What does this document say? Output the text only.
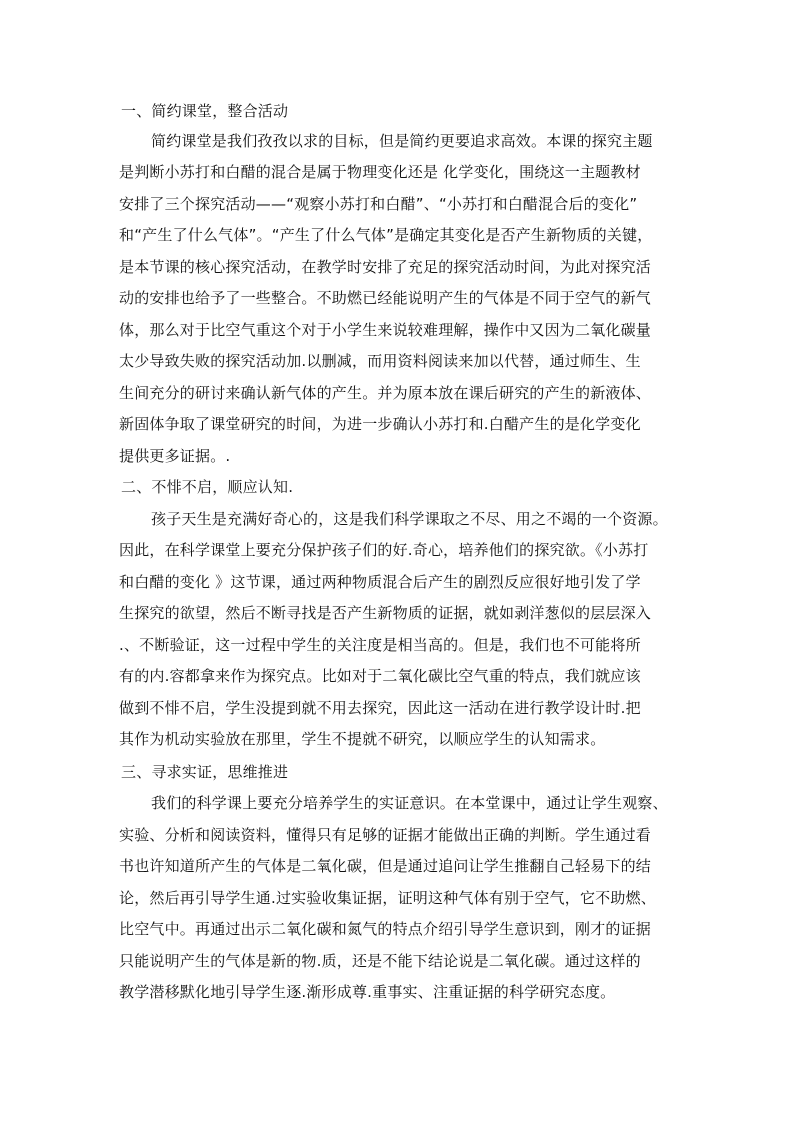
一、简约课堂，整合活动

简约课堂是我们孜孜以求的目标，但是简约更要追求高效。本课的探究主题

是判断小苏打和白醋的混合是属于物理变化还是 化学变化，围绕这一主题教材

安排了三个探究活动——“观察小苏打和白醋”、“小苏打和白醋混合后的变化”

和“产生了什么气体”。“产生了什么气体”是确定其变化是否产生新物质的关键，

是本节课的核心探究活动，在教学时安排了充足的探究活动时间，为此对探究活

动的安排也给予了一些整合。不助燃已经能说明产生的气体是不同于空气的新气

体，那么对于比空气重这个对于小学生来说较难理解，操作中又因为二氧化碳量

太少导致失败的探究活动加.以删减，而用资料阅读来加以代替，通过师生、生

生间充分的研讨来确认新气体的产生。并为原本放在课后研究的产生的新液体、

新固体争取了课堂研究的时间，为进一步确认小苏打和.白醋产生的是化学变化

提供更多证据。.

二、不悱不启，顺应认知.

孩子天生是充满好奇心的，这是我们科学课取之不尽、用之不竭的一个资源。

因此，在科学课堂上要充分保护孩子们的好.奇心，培养他们的探究欲。《小苏打

和白醋的变化 》这节课，通过两种物质混合后产生的剧烈反应很好地引发了学

生探究的欲望，然后不断寻找是否产生新物质的证据，就如剥洋葱似的层层深入

.、不断验证，这一过程中学生的关注度是相当高的。但是，我们也不可能将所

有的内.容都拿来作为探究点。比如对于二氧化碳比空气重的特点，我们就应该

做到不悱不启，学生没提到就不用去探究，因此这一活动在进行教学设计时.把

其作为机动实验放在那里，学生不提就不研究，以顺应学生的认知需求。

三、寻求实证，思维推进

我们的科学课上要充分培养学生的实证意识。在本堂课中，通过让学生观察、

实验、分析和阅读资料，懂得只有足够的证据才能做出正确的判断。学生通过看

书也许知道所产生的气体是二氧化碳，但是通过追问让学生推翻自己轻易下的结

论，然后再引导学生通.过实验收集证据，证明这种气体有别于空气，它不助燃、

比空气中。再通过出示二氧化碳和氮气的特点介绍引导学生意识到，刚才的证据

只能说明产生的气体是新的物.质，还是不能下结论说是二氧化碳。通过这样的

教学潜移默化地引导学生逐.渐形成尊.重事实、注重证据的科学研究态度。
